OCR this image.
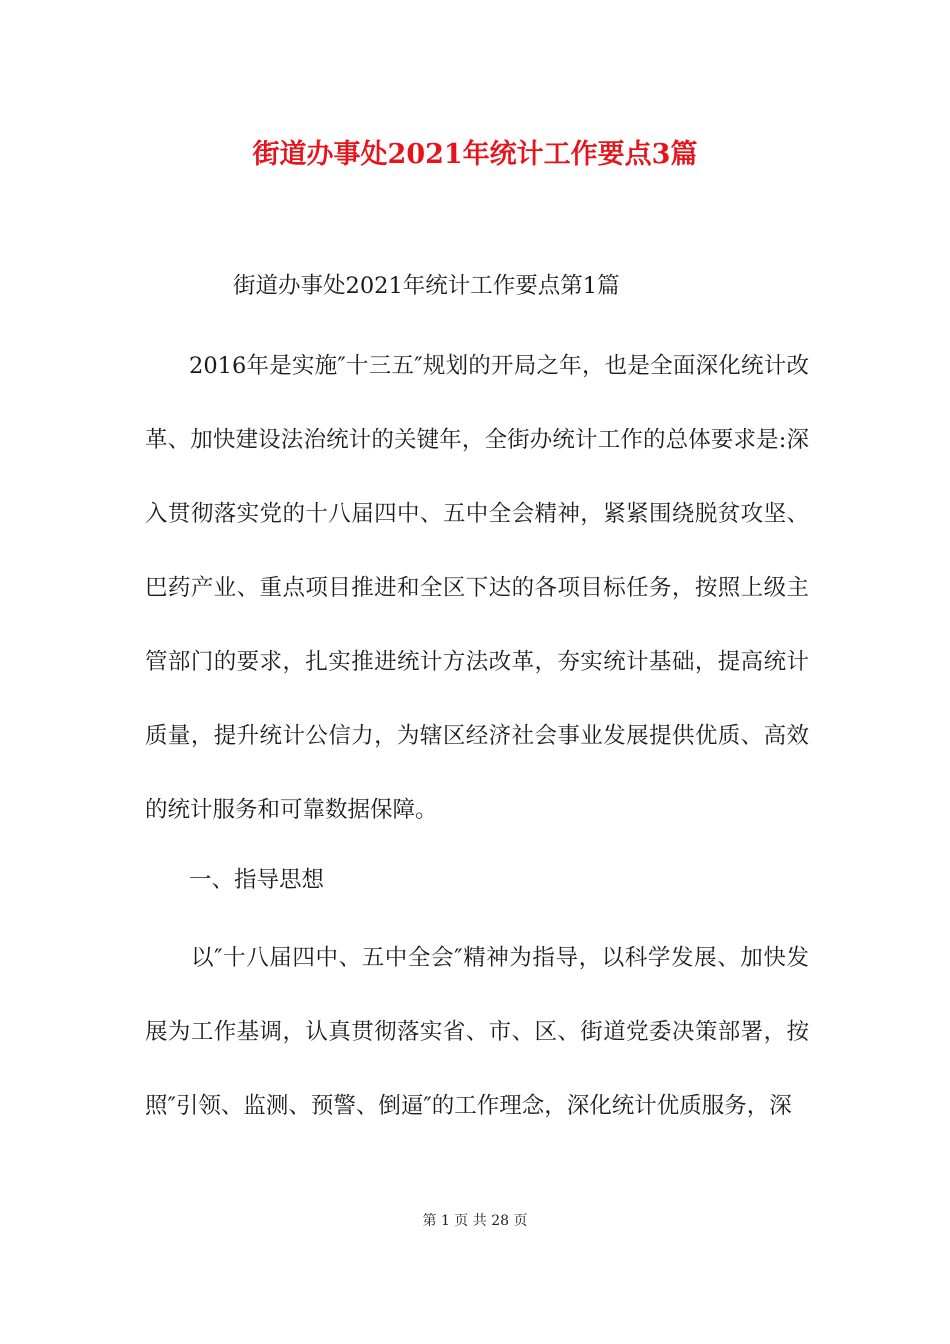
街道办事处2021年统计工作要点3篇

街道办事处2021年统计工作要点第1篇

2016年是实施″十三五″规划的开局之年，也是全面深化统计改革、加快建设法治统计的关键年，全街办统计工作的总体要求是:深入贯彻落实党的十八届四中、五中全会精神，紧紧围绕脱贫攻坚、巴药产业、重点项目推进和全区下达的各项目标任务，按照上级主管部门的要求，扎实推进统计方法改革，夯实统计基础，提高统计质量，提升统计公信力，为辖区经济社会事业发展提供优质、高效的统计服务和可靠数据保障。

一、指导思想

以″十八届四中、五中全会″精神为指导，以科学发展、加快发展为工作基调，认真贯彻落实省、市、区、街道党委决策部署，按照″引领、监测、预警、倒逼″的工作理念，深化统计优质服务，深

第 1 页 共 28 页
